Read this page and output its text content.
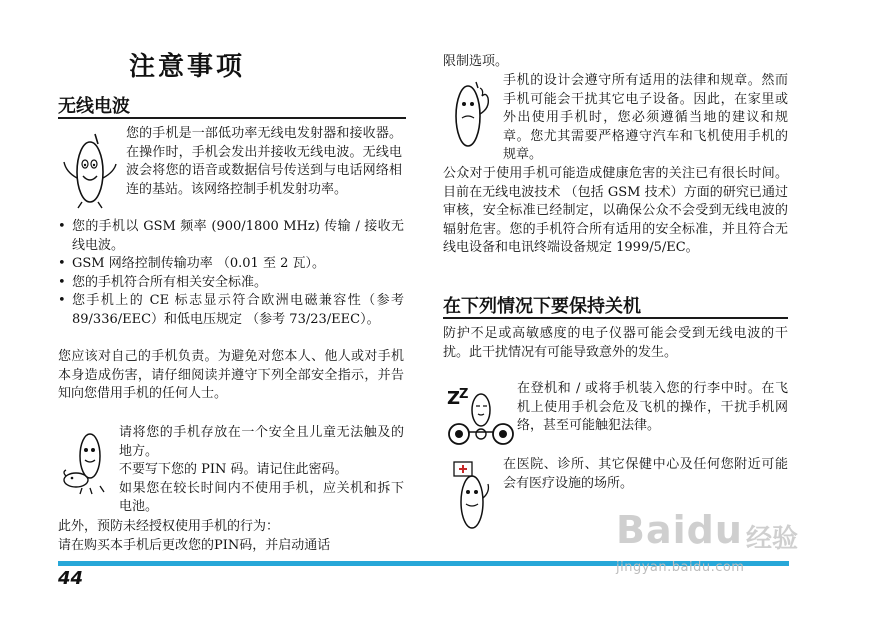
注意事项
无线电波
您的手机是一部低功率无线电发射器和接收器。在操作时，手机会发出并接收无线电波。无线电波会将您的语音或数据信号传送到与电话网络相连的基站。该网络控制手机发射功率。
• 您的手机以 GSM 频率 (900/1800 MHz) 传输 / 接收无线电波。
• GSM 网络控制传输功率 （0.01 至 2 瓦）。
• 您的手机符合所有相关安全标准。
• 您手机上的 CE 标志显示符合欧洲电磁兼容性（参考 89/336/EEC）和低电压规定 （参考 73/23/EEC）。
您应该对自己的手机负责。为避免对您本人、他人或对手机本身造成伤害，请仔细阅读并遵守下列全部安全指示，并告知向您借用手机的任何人士。

请将您的手机存放在一个安全且儿童无法触及的地方。

不要写下您的 PIN 码。请记住此密码。

如果您在较长时间内不使用手机，应关机和拆下电池。

此外，预防未经授权使用手机的行为：
请在购买本手机后更改您的PIN码，并启动通话
限制选项。

手机的设计会遵守所有适用的法律和规章。然而手机可能会干扰其它电子设备。因此，在家里或外出使用手机时，您必须遵循当地的建议和规章。您尤其需要严格遵守汽车和飞机使用手机的规章。

公众对于使用手机可能造成健康危害的关注已有很长时间。目前在无线电波技术 （包括 GSM 技术）方面的研究已通过审核，安全标准已经制定，以确保公众不会受到无线电波的辐射危害。您的手机符合所有适用的安全标准，并且符合无线电设备和电讯终端设备规定 1999/5/EC。
在下列情况下要保持关机
防护不足或高敏感度的电子仪器可能会受到无线电波的干扰。此干扰情况有可能导致意外的发生。
Z
Z	在登机和 / 或将手机装入您的行李中时。在飞机上使用手机会危及飞机的操作，干扰手机网络，甚至可能触犯法律。
在医院、诊所、其它保健中心及任何您附近可能会有医疗设施的场所。
44
Baidu 经验
jingyan.baidu.com
